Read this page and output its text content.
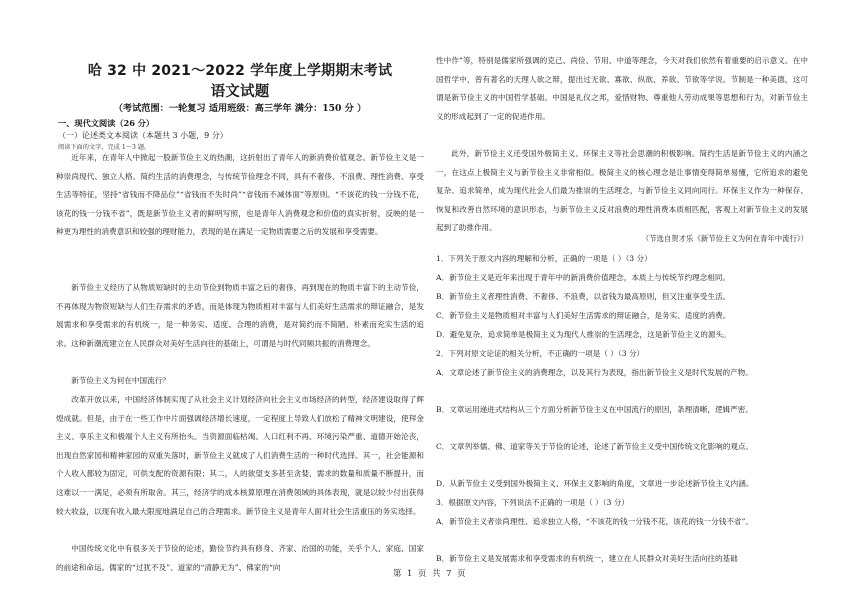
哈 32 中 2021～2022 学年度上学期期末考试
语文试题
（考试范围：一轮复习 适用班级：高三学年 满分：150 分 ）
一、现代文阅读（26 分）
（一）论述类文本阅读（本题共 3 小题，9 分）
阅读下面的文字，完成 1～3 题。

近年来，在青年人中掀起一股新节俭主义的热潮，这折射出了青年人的新消费价值观念。新节俭主义是一种崇尚现代、独立人格、简约生活的消费理念，与传统节俭理念不同，具有不奢侈、不浪费、理性消费、享受生活等特征，坚持“省钱而不降品位”“省钱而不失时尚”“省钱而不减体面”等原则。“不该花的钱一分钱不花，该花的钱一分钱不省”，既是新节俭主义者的鲜明写照，也是青年人消费观念和价值的真实折射，反映的是一种更为理性的消费意识和较强的理财能力，表现的是在满足一定物质需要之后的发展和享受需要。

新节俭主义经历了从物质短缺时的主动节俭到物质丰富之后的奢侈，再到现在的物质丰富下的主动节俭，不再体现为物资短缺与人们生存需求的矛盾，而是体现为物质相对丰富与人们美好生活需求的辩证融合，是发展需求和享受需求的有机统一，是一种务实、适度、合理的消费，是对简约而不简陋、朴素而充实生活的追求。这种新潮流建立在人民群众对美好生活向往的基础上，可谓是与时代同频共振的消费理念。

新节俭主义为何在中国流行？

改革开放以来，中国经济体制实现了从社会主义计划经济向社会主义市场经济的转型，经济建设取得了辉煌成就。但是，由于在一些工作中片面强调经济增长速度，一定程度上导致人们放松了精神文明建设，使拜金主义、享乐主义和极端个人主义有所抬头。当资源面临枯竭、人口红利不再、环境污染严重、道德开始沦丧，出现自然家园和精神家园的双重失落时，新节俭主义就成了人们消费生活的一种时代选择。其一，社会能源和个人收入都较为固定，可供支配的资源有限；其二，人的欲望支多甚至贪婪，需求的数量和质量不断提升，而这难以一一满足，必须有所取舍。其三，经济学的成本核算原理在消费领域的具体表现，就是以较少付出获得较大收益，以现有收入最大限度地满足自己的合理需求。新节俭主义是青年人面对社会生活重压的务实选择。

中国传统文化中有很多关于节俭的论述，勤俭节约具有修身、齐家、治国的功能，关乎个人、家庭、国家的前途和命运。儒家的“过犹不及”、道家的“清静无为”、佛家的“向

性中作”等，特别是儒家所强调的克己、尚俭、节用、中道等理念，今天对我们依然有着重要的启示意义。在中国哲学中，曾有著名的天理人欲之辩，提出过无欲、寡欲、纵欲、养欲、节欲等学说。节制是一种美德，这可谓是新节俭主义的中国哲学基础。中国是礼仪之邦，爱惜财物、尊重他人劳动成果等思想和行为，对新节俭主义的形成起到了一定的促进作用。

此外，新节俭主义还受国外极简主义、环保主义等社会思潮的积极影响。简约生活是新节俭主义的内涵之一，在这点上极简主义与新节俭主义非常相似。极简主义的核心理念是让事情变得简单易懂，它所追求的避免复杂、追求简单，成为现代社会人们最为推崇的生活理念，与新节俭主义同向同行。环保主义作为一种保存、恢复和改善自然环境的意识形态，与新节俭主义反对浪费的理性消费本质相匹配，客观上对新节俭主义的发展起到了助推作用。

（节选自贺才乐《新节俭主义为何在青年中流行》）

1．下列关于原文内容的理解和分析，正确的一项是（ ）（3 分）

A．新节俭主义是近年来出现于青年中的新消费价值理念，本质上与传统节约理念相同。

B．新节俭主义者理性消费、不奢侈、不浪费，以省钱为最高原则，但又注重享受生活。

C．新节俭主义是物质相对丰富与人们美好生活需求的辩证融合，是务实、适度的消费。

D．避免复杂、追求简单是极简主义为现代人推崇的生活理念，这是新节俭主义的源头。

2．下列对原文论证的相关分析，不正确的一项是（ ）（3 分）

A．文章论述了新节俭主义的消费理念，以及其行为表现，指出新节俭主义是时代发展的产物。

B．文章运用递进式结构从三个方面分析新节俭主义在中国流行的原因，条理清晰，逻辑严密。

C．文章列举儒、佛、道家等关于节俭的论述，论述了新节俭主义受中国传统文化影响的观点。

D．从新节俭主义受到国外极简主义、环保主义影响的角度，文章进一步论述新节俭主义内涵。

3．根据原文内容，下列说法不正确的一项是（ ）（3 分）

A．新节俭主义者崇尚理性、追求独立人格，“不该花的钱一分钱不花，该花的钱一分钱不省”。

B．新节俭主义是发展需求和享受需求的有机统一，建立在人民群众对美好生活向往的基础

第 1 页 共 7 页
